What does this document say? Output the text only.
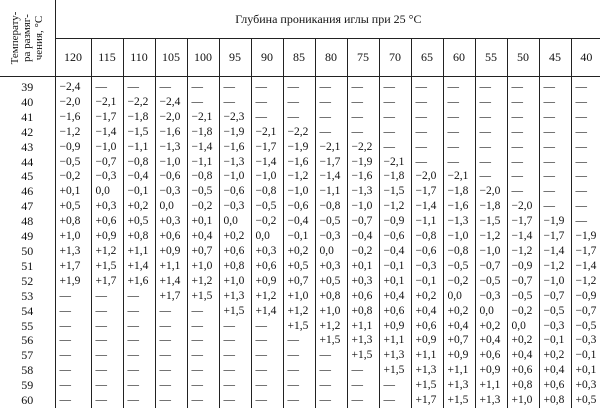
Температу-
ра размяг-
чения, °С	Глубина проникания иглы при 25 °С																
	120	115	110	105	100	95	90	85	80	75	70	65	60	55	50	45	40
39	−2,4	—	—	—	—	—	—	—	—	—	—	—	—	—	—	—	—
40	−2,0	−2,1	−2,2	−2,4	—	—	—	—	—	—	—	—	—	—	—	—	—
41	−1,6	−1,7	−1,8	−2,0	−2,1	−2,3	—	—	—	—	—	—	—	—	—	—	—
42	−1,2	−1,4	−1,5	−1,6	−1,8	−1,9	−2,1	−2,2	—	—	—	—	—	—	—	—	—
43	−0,9	−1,0	−1,1	−1,3	−1,4	−1,6	−1,7	−1,9	−2,1	−2,2	—	—	—	—	—	—	—
44	−0,5	−0,7	−0,8	−1,0	−1,1	−1,3	−1,4	−1,6	−1,7	−1,9	−2,1	—	—	—	—	—	—
45	−0,2	−0,3	−0,4	−0,6	−0,8	−1,0	−1,0	−1,2	−1,4	−1,6	−1,8	−2,0	−2,1	—	—	—	—
46	+0,1	0,0	−0,1	−0,3	−0,5	−0,6	−0,8	−1,0	−1,1	−1,3	−1,5	−1,7	−1,8	−2,0	—	—	—
47	+0,5	+0,3	+0,2	0,0	−0,2	−0,3	−0,5	−0,6	−0,8	−1,0	−1,2	−1,4	−1,6	−1,8	−2,0	—	—
48	+0,8	+0,6	+0,5	+0,3	+0,1	0,0	−0,2	−0,4	−0,5	−0,7	−0,9	−1,1	−1,3	−1,5	−1,7	−1,9	—
49	+1,0	+0,9	+0,8	+0,6	+0,4	+0,2	0,0	−0,1	−0,3	−0,4	−0,6	−0,8	−1,0	−1,2	−1,4	−1,7	−1,9
50	+1,3	+1,2	+1,1	+0,9	+0,7	+0,6	+0,3	+0,2	0,0	−0,2	−0,4	−0,6	−0,8	−1,0	−1,2	−1,4	−1,7
51	+1,7	+1,5	+1,4	+1,1	+1,0	+0,8	+0,6	+0,5	+0,3	+0,1	−0,1	−0,3	−0,5	−0,7	−0,9	−1,2	−1,4
52	+1,9	+1,7	+1,6	+1,4	+1,2	+1,0	+0,9	+0,7	+0,5	+0,3	+0,1	−0,1	−0,2	−0,5	−0,7	−1,0	−1,2
53	—	—	—	+1,7	+1,5	+1,3	+1,2	+1,0	+0,8	+0,6	+0,4	+0,2	0,0	−0,3	−0,5	−0,7	−0,9
54	—	—	—	—	—	+1,5	+1,4	+1,2	+1,0	+0,8	+0,6	+0,4	+0,2	0,0	−0,2	−0,5	−0,7
55	—	—	—	—	—	—	—	+1,5	+1,2	+1,1	+0,9	+0,6	+0,4	+0,2	0,0	−0,3	−0,5
56	—	—	—	—	—	—	—	—	+1,5	+1,3	+1,1	+0,9	+0,7	+0,4	+0,2	−0,1	−0,3
57	—	—	—	—	—	—	—	—	—	+1,5	+1,3	+1,1	+0,9	+0,6	+0,4	+0,2	−0,1
58	—	—	—	—	—	—	—	—	—	—	+1,5	+1,3	+1,1	+0,9	+0,6	+0,4	+0,1
59	—	—	—	—	—	—	—	—	—	—	—	+1,5	+1,3	+1,1	+0,8	+0,6	+0,3
60	—	—	—	—	—	—	—	—	—	—	—	+1,7	+1,5	+1,3	+1,0	+0,8	+0,5
